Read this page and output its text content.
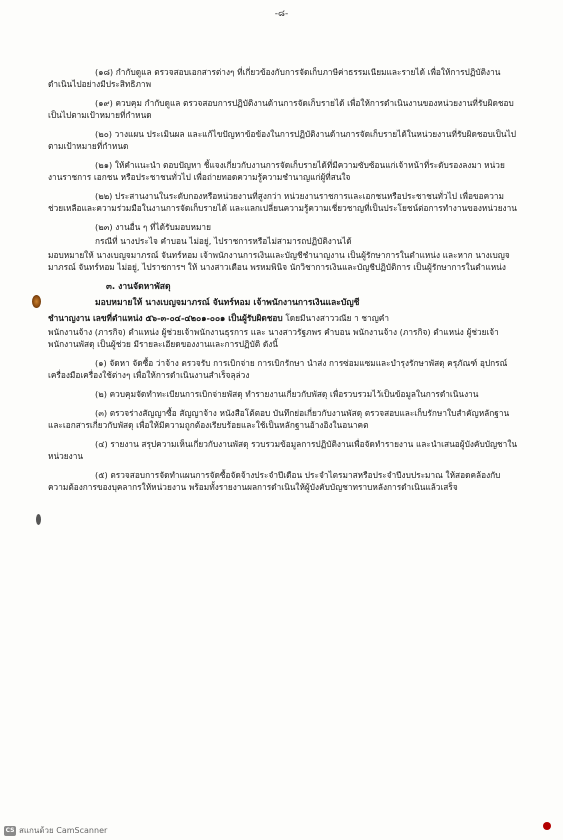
-๘-

(๑๘) กำกับดูแล ตรวจสอบเอกสารต่างๆ ที่เกี่ยวข้องกับการจัดเก็บภาษีค่าธรรมเนียมและรายได้ เพื่อให้การปฏิบัติงานดำเนินไปอย่างมีประสิทธิภาพ

(๑๙) ควบคุม กำกับดูแล ตรวจสอบการปฏิบัติงานด้านการจัดเก็บรายได้ เพื่อให้การดำเนินงานของหน่วยงานที่รับผิดชอบเป็นไปตามเป้าหมายที่กำหนด

(๒๐) วางแผน ประเมินผล และแก้ไขปัญหาข้อข้องในการปฏิบัติงานด้านการจัดเก็บรายได้ในหน่วยงานที่รับผิดชอบเป็นไปตามเป้าหมายที่กำหนด

(๒๑) ให้คำแนะนำ ตอบปัญหา ชี้แจงเกี่ยวกับงานการจัดเก็บรายได้ที่มีความซับซ้อนแก่เจ้าหน้าที่ระดับรองลงมา หน่วยงานราชการ เอกชน หรือประชาชนทั่วไป เพื่อถ่ายทอดความรู้ความชำนาญแก่ผู้ที่สนใจ

(๒๒) ประสานงานในระดับกองหรือหน่วยงานที่สูงกว่า หน่วยงานราชการและเอกชนหรือประชาชนทั่วไป เพื่อขอความช่วยเหลือและความร่วมมือในงานการจัดเก็บรายได้ และแลกเปลี่ยนความรู้ความเชี่ยวชาญที่เป็นประโยชน์ต่อการทำงานของหน่วยงาน

(๒๓) งานอื่น ๆ ที่ได้รับมอบหมาย

กรณีที่ นางประไจ คำบอน ไม่อยู่, ไปราชการหรือไม่สามารถปฏิบัติงานได้

มอบหมายให้ นางเบญจมาภรณ์ จันทร์หอม เจ้าพนักงานการเงินและบัญชีชำนาญงาน เป็นผู้รักษาการในตำแหน่ง และหาก นางเบญจมาภรณ์ จันทร์หอม ไม่อยู่, ไปราชการฯ ให้ นางสาวเดือน พรหมพินิจ นักวิชาการเงินและบัญชีปฏิบัติการ เป็นผู้รักษาการในตำแหน่ง

๓. งานจัดหาพัสดุ

มอบหมายให้ นางเบญจมาภรณ์ จันทร์หอม เจ้าพนักงานการเงินและบัญชี

ชำนาญงาน เลขที่ตำแหน่ง ๕๖-๓-๐๔-๔๒๐๑-๐๐๑ เป็นผู้รับผิดชอบ โดยมีนางสาววณีย า ชาญคำ

พนักงานจ้าง (ภารกิจ) ตำแหน่ง ผู้ช่วยเจ้าพนักงานธุรการ และ นางสาวรัฐภพร คำบอน พนักงานจ้าง (ภารกิจ) ตำแหน่ง ผู้ช่วยเจ้าพนักงานพัสดุ เป็นผู้ช่วย มีรายละเอียดของงานและการปฏิบัติ ดังนี้

(๑) จัดหา จัดซื้อ ว่าจ้าง ตรวจรับ การเบิกจ่าย การเบิกรักษา นำส่ง การซ่อมแซมและบำรุงรักษาพัสดุ ครุภัณฑ์ อุปกรณ์เครื่องมือเครื่องใช้ต่างๆ เพื่อให้การดำเนินงานสำเร็จลุล่วง

(๒) ควบคุมจัดทำทะเบียนการเบิกจ่ายพัสดุ ทำรายงานเกี่ยวกับพัสดุ เพื่อรวบรวมไว้เป็นข้อมูลในการดำเนินงาน

(๓) ตรวจร่างสัญญาซื้อ สัญญาจ้าง หนังสือโต้ตอบ บันทึกย่อเกี่ยวกับงานพัสดุ ตรวจสอบและเก็บรักษาใบสำคัญหลักฐานและเอกสารเกี่ยวกับพัสดุ เพื่อให้มีความถูกต้องเรียบร้อยและใช้เป็นหลักฐานอ้างอิงในอนาคต

(๔) รายงาน สรุปความเห็นเกี่ยวกับงานพัสดุ รวบรวมข้อมูลการปฏิบัติงานเพื่อจัดทำรายงาน และนำเสนอผู้บังคับบัญชาในหน่วยงาน

(๕) ตรวจสอบการจัดทำแผนการจัดซื้อจัดจ้างประจำปีเดือน ประจำไตรมาสหรือประจำปีงบประมาณ ให้สอดคล้องกับความต้องการของบุคลากรให้หน่วยงาน พร้อมทั้งรายงานผลการดำเนินให้ผู้บังคับบัญชาทราบหลังการดำเนินแล้วเสร็จ

CS สแกนด้วย CamScanner
